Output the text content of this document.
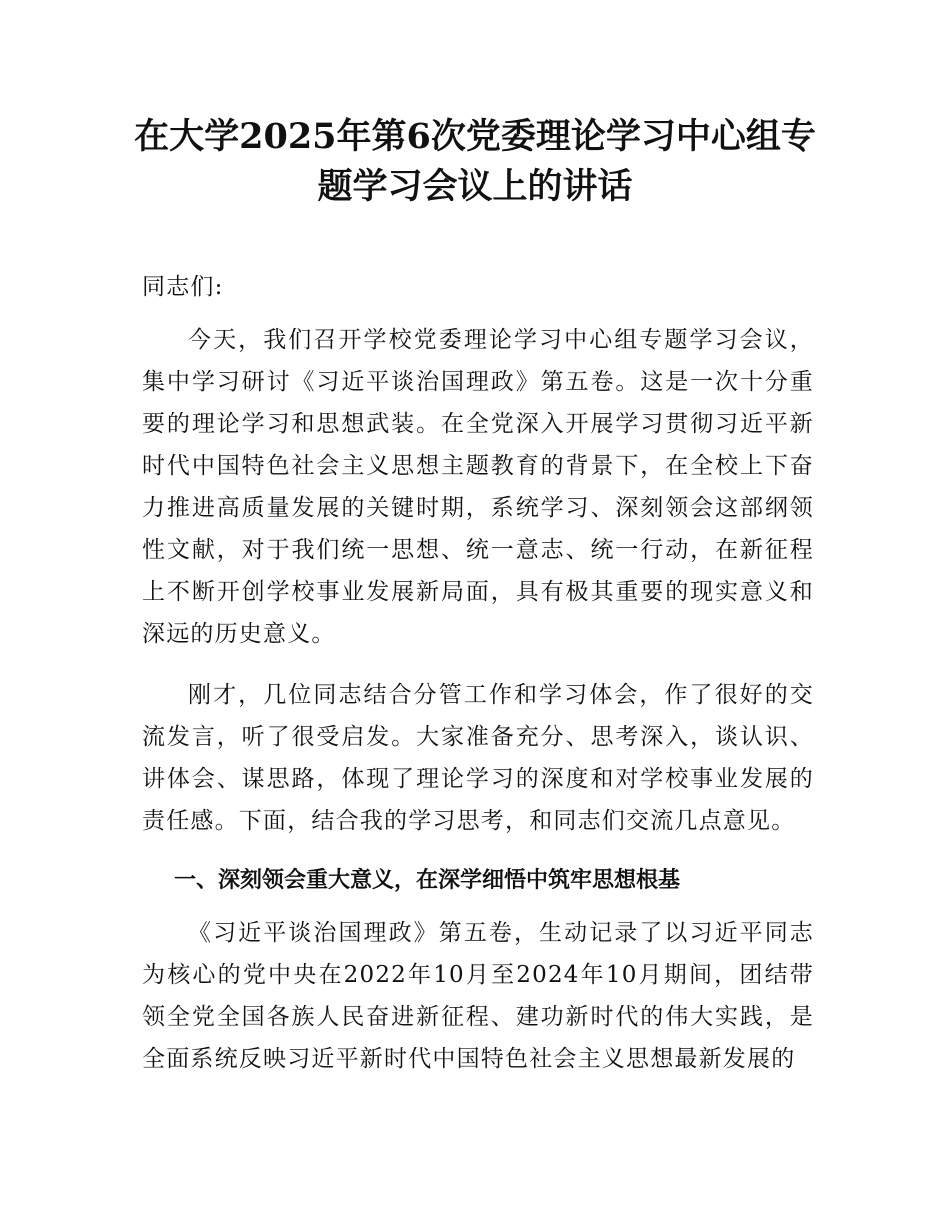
在大学2025年第6次党委理论学习中心组专题学习会议上的讲话

同志们:

今天，我们召开学校党委理论学习中心组专题学习会议，集中学习研讨《习近平谈治国理政》第五卷。这是一次十分重要的理论学习和思想武装。在全党深入开展学习贯彻习近平新时代中国特色社会主义思想主题教育的背景下，在全校上下奋力推进高质量发展的关键时期，系统学习、深刻领会这部纲领性文献，对于我们统一思想、统一意志、统一行动，在新征程上不断开创学校事业发展新局面，具有极其重要的现实意义和深远的历史意义。

刚才，几位同志结合分管工作和学习体会，作了很好的交流发言，听了很受启发。大家准备充分、思考深入，谈认识、讲体会、谋思路，体现了理论学习的深度和对学校事业发展的责任感。下面，结合我的学习思考，和同志们交流几点意见。

一、深刻领会重大意义，在深学细悟中筑牢思想根基

《习近平谈治国理政》第五卷，生动记录了以习近平同志为核心的党中央在2022年10月至2024年10月期间，团结带领全党全国各族人民奋进新征程、建功新时代的伟大实践，是全面系统反映习近平新时代中国特色社会主义思想最新发展的
